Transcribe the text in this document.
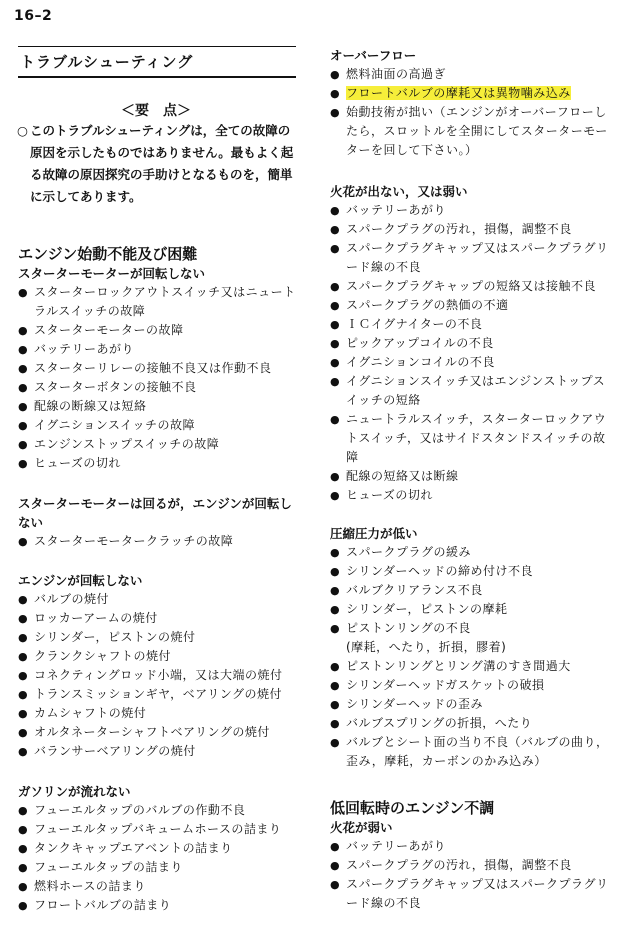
16–2
トラブルシューティング
＜要　点＞
○ このトラブルシューティングは，全ての故障の原因を示したものではありません。最もよく起る故障の原因探究の手助けとなるものを，簡単に示してあります。
エンジン始動不能及び困難
スターターモーターが回転しない
● スターターロックアウトスイッチ又はニュートラルスイッチの故障
● スターターモーターの故障
● バッテリーあがり
● スターターリレーの接触不良又は作動不良
● スターターボタンの接触不良
● 配線の断線又は短絡
● イグニションスイッチの故障
● エンジンストップスイッチの故障
● ヒューズの切れ
スターターモーターは回るが，エンジンが回転しない
● スターターモータークラッチの故障
エンジンが回転しない
● バルブの焼付
● ロッカーアームの焼付
● シリンダー，ピストンの焼付
● クランクシャフトの焼付
● コネクティングロッド小端，又は大端の焼付
● トランスミッションギヤ，ベアリングの焼付
● カムシャフトの焼付
● オルタネーターシャフトベアリングの焼付
● バランサーベアリングの焼付
ガソリンが流れない
● フューエルタップのバルブの作動不良
● フューエルタップバキュームホースの詰まり
● タンクキャップエアベントの詰まり
● フューエルタップの詰まり
● 燃料ホースの詰まり
● フロートバルブの詰まり
オーバーフロー
● 燃料油面の高過ぎ
● フロートバルブの摩耗又は異物噛み込み
● 始動技術が拙い（エンジンがオーバーフローしたら，スロットルを全開にしてスターターモーターを回して下さい。）
火花が出ない，又は弱い
● バッテリーあがり
● スパークプラグの汚れ，損傷，調整不良
● スパークプラグキャップ又はスパークプラグリード線の不良
● スパークプラグキャップの短絡又は接触不良
● スパークプラグの熱価の不適
● ＩＣイグナイターの不良
● ピックアップコイルの不良
● イグニションコイルの不良
● イグニションスイッチ又はエンジンストップスイッチの短絡
● ニュートラルスイッチ，スターターロックアウトスイッチ，又はサイドスタンドスイッチの故障
● 配線の短絡又は断線
● ヒューズの切れ
圧縮圧力が低い
● スパークプラグの緩み
● シリンダーヘッドの締め付け不良
● バルブクリアランス不良
● シリンダー，ピストンの摩耗
● ピストンリングの不良
(摩耗，へたり，折損，膠着)
● ピストンリングとリング溝のすき間過大
● シリンダーヘッドガスケットの破損
● シリンダーヘッドの歪み
● バルブスプリングの折損，へたり
● バルブとシート面の当り不良（バルブの曲り，歪み，摩耗，カーボンのかみ込み）
低回転時のエンジン不調
火花が弱い
● バッテリーあがり
● スパークプラグの汚れ，損傷，調整不良
● スパークプラグキャップ又はスパークプラグリード線の不良
